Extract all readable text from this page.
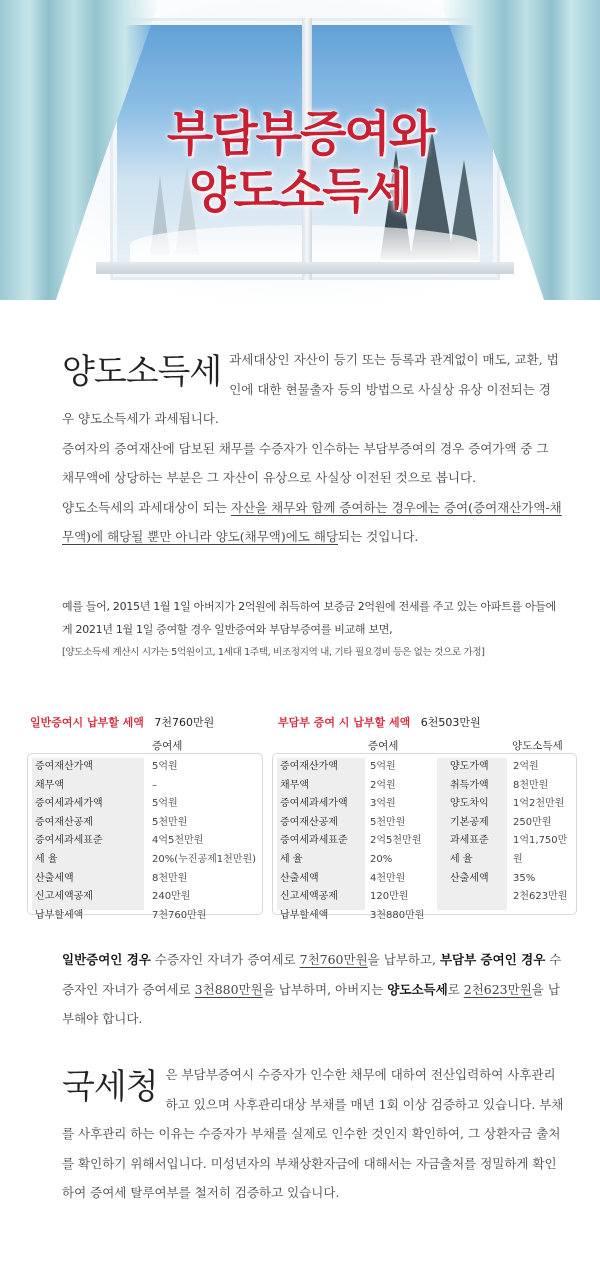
부담부증여와
양도소득세
양도소득세 과세대상인 자산이 등기 또는 등록과 관계없이 매도, 교환, 법인에 대한 현물출자 등의 방법으로 사실상 유상 이전되는 경우 양도소득세가 과세됩니다.

증여자의 증여재산에 담보된 채무를 수증자가 인수하는 부담부증여의 경우 증여가액 중 그 채무액에 상당하는 부분은 그 자산이 유상으로 사실상 이전된 것으로 봅니다.

양도소득세의 과세대상이 되는 자산을 채무와 함께 증여하는 경우에는 증여(증여재산가액-채무액)에 해당될 뿐만 아니라 양도(채무액)에도 해당되는 것입니다.

예를 들어, 2015년 1월 1일 아버지가 2억원에 취득하여 보증금 2억원에 전세를 주고 있는 아파트를 아들에게 2021년 1월 1일 증여할 경우 일반증여와 부담부증여를 비교해 보면,

[양도소득세 계산시 시가는 5억원이고, 1세대 1주택, 비조정지역 내, 기타 필요경비 등은 없는 것으로 가정]

일반증여시 납부할 세액 7천760만원
증여세
증여재산가액
채무액
증여세과세가액
증여재산공제
증여세과세표준
세 율
산출세액
신고세액공제
납부할세액
5억원
–
5억원
5천만원
4억5천만원
20%(누진공제1천만원)
8천만원
240만원
7천760만원
부담부 증여 시 납부할 세액 6천503만원
증여세	양도소득세
증여재산가액
채무액
증여세과세가액
증여재산공제
증여세과세표준
세 율
산출세액
신고세액공제
납부할세액
5억원
2억원
3억원
5천만원
2억5천만원
20%
4천만원
120만원
3천880만원
양도가액
취득가액
양도차익
기본공제
과세표준
세 율
산출세액
2억원
8천만원
1억2천만원
250만원
1억1,750만원
35%
2천623만원
일반증여인 경우 수증자인 자녀가 증여세로 7천760만원을 납부하고, 부담부 증여인 경우 수증자인 자녀가 증여세로 3천880만원을 납부하며, 아버지는 양도소득세로 2천623만원을 납부해야 합니다.
국세청 은 부담부증여시 수증자가 인수한 채무에 대하여 전산입력하여 사후관리하고 있으며 사후관리대상 부채를 매년 1회 이상 검증하고 있습니다. 부채를 사후관리 하는 이유는 수증자가 부채를 실제로 인수한 것인지 확인하여, 그 상환자금 출처를 확인하기 위해서입니다. 미성년자의 부채상환자금에 대해서는 자금출처를 정밀하게 확인하여 증여세 탈루여부를 철저히 검증하고 있습니다.
